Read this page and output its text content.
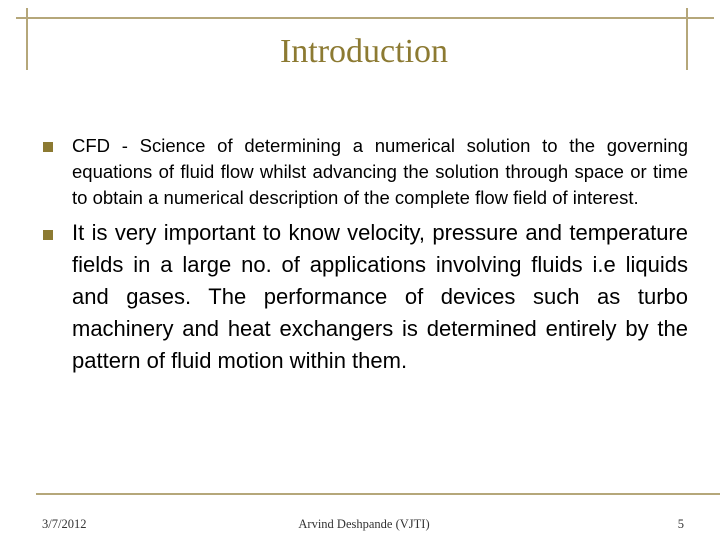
Introduction
CFD - Science of determining a numerical solution to the governing equations of fluid flow whilst advancing the solution through space or time to obtain a numerical description of the complete flow field of interest.
It is very important to know velocity, pressure and temperature fields in a large no. of applications involving fluids i.e liquids and gases. The performance of devices such as turbo machinery and heat exchangers is determined entirely by the pattern of fluid motion within them.
3/7/2012	Arvind Deshpande (VJTI)	5
